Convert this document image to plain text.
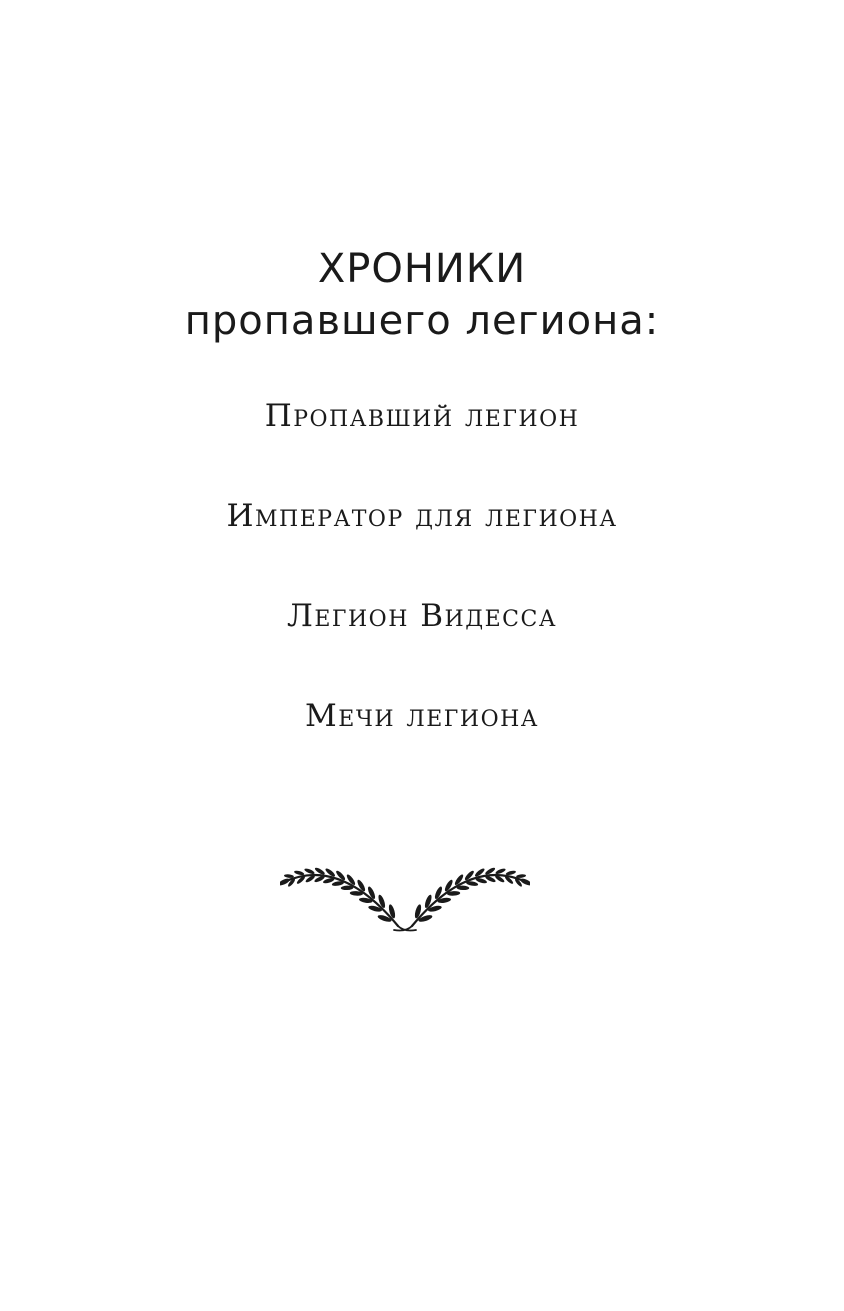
ХРОНИКИ
пропавшего легиона:
Пропавший легион
Император для легиона
Легион Видесса
Мечи легиона
